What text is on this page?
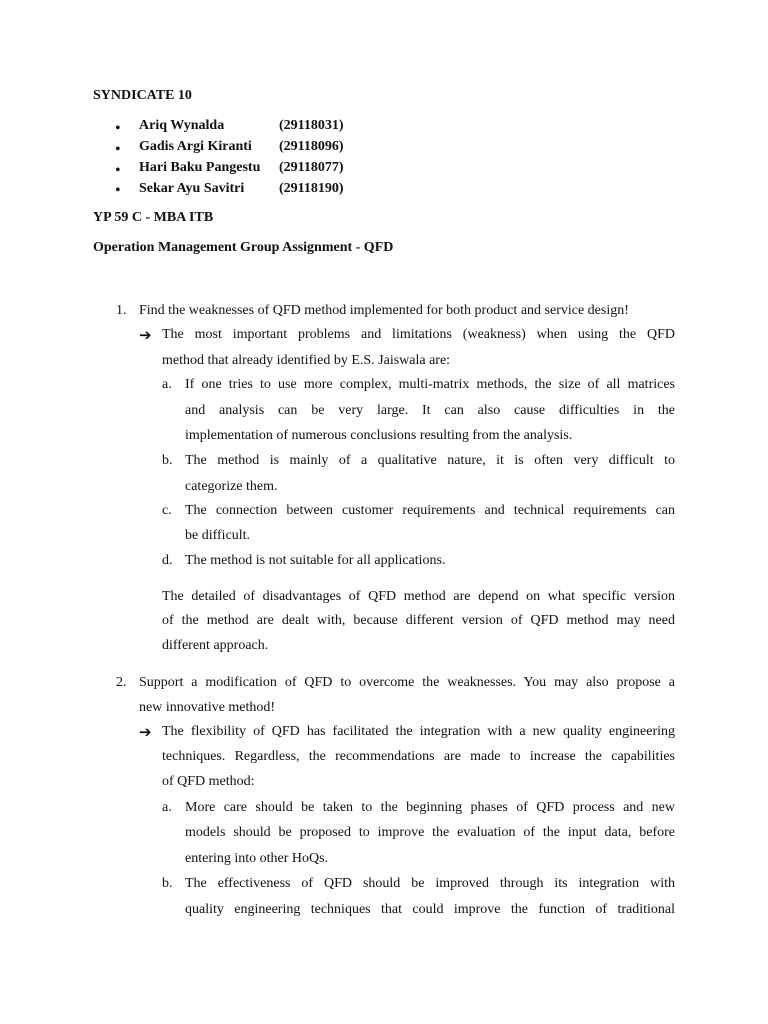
SYNDICATE 10
• Ariq Wynalda	(29118031)
• Gadis Argi Kiranti (29118096)
• Hari Baku Pangestu (29118077)
• Sekar Ayu Savitri (29118190)
YP 59 C - MBA ITB
Operation Management Group Assignment - QFD
1. Find the weaknesses of QFD method implemented for both product and service design!
➔ The most important problems and limitations (weakness) when using the QFD
method that already identified by E.S. Jaiswala are:
a. If one tries to use more complex, multi-matrix methods, the size of all matrices
and analysis can be very large. It can also cause difficulties in the
implementation of numerous conclusions resulting from the analysis.
b. The method is mainly of a qualitative nature, it is often very difficult to
categorize them.
c. The connection between customer requirements and technical requirements can
be difficult.
d. The method is not suitable for all applications.
The detailed of disadvantages of QFD method are depend on what specific version
of the method are dealt with, because different version of QFD method may need
different approach.
2. Support a modification of QFD to overcome the weaknesses. You may also propose a
new innovative method!
➔ The flexibility of QFD has facilitated the integration with a new quality engineering
techniques. Regardless, the recommendations are made to increase the capabilities
of QFD method:
a. More care should be taken to the beginning phases of QFD process and new
models should be proposed to improve the evaluation of the input data, before
entering into other HoQs.
b. The effectiveness of QFD should be improved through its integration with
quality engineering techniques that could improve the function of traditional
